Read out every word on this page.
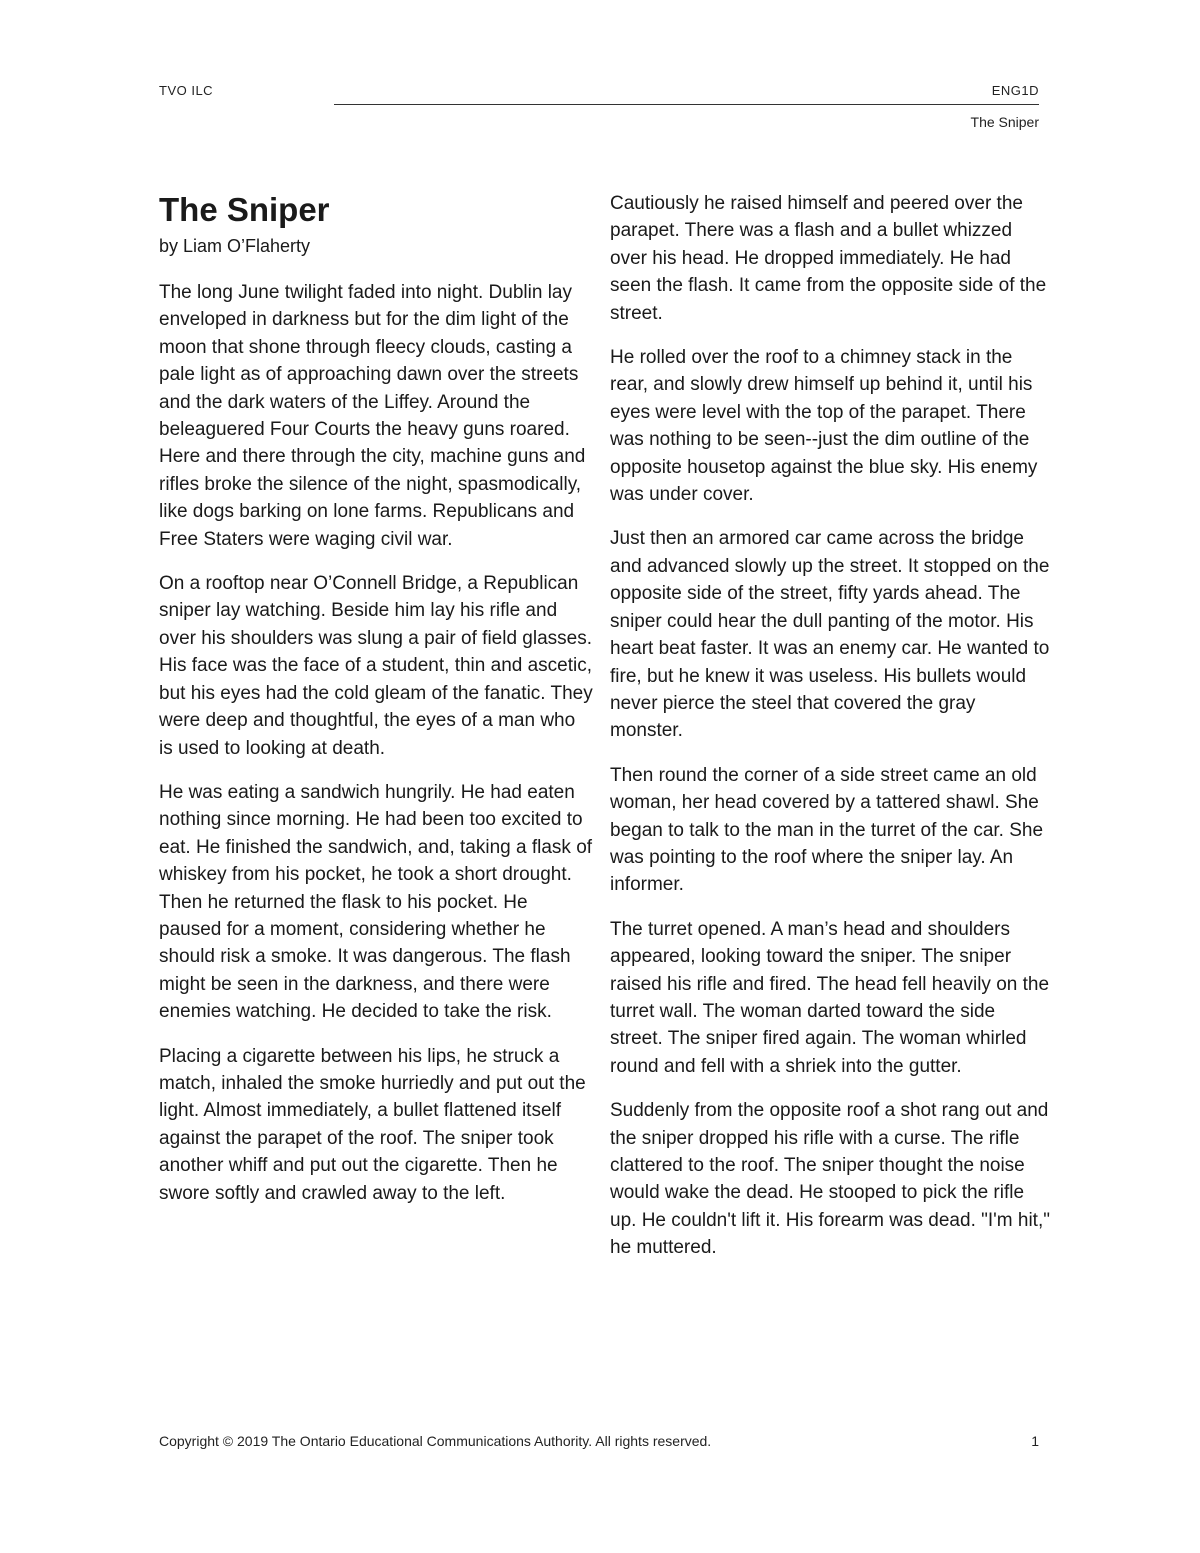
TVO ILC	ENG1D
The Sniper
The Sniper
by Liam O’Flaherty

The long June twilight faded into night. Dublin lay enveloped in darkness but for the dim light of the moon that shone through fleecy clouds, casting a pale light as of approaching dawn over the streets and the dark waters of the Liffey. Around the beleaguered Four Courts the heavy guns roared. Here and there through the city, machine guns and rifles broke the silence of the night, spasmodically, like dogs barking on lone farms. Republicans and Free Staters were waging civil war.

On a rooftop near O’Connell Bridge, a Republican sniper lay watching. Beside him lay his rifle and over his shoulders was slung a pair of field glasses. His face was the face of a student, thin and ascetic, but his eyes had the cold gleam of the fanatic. They were deep and thoughtful, the eyes of a man who is used to looking at death.

He was eating a sandwich hungrily. He had eaten nothing since morning. He had been too excited to eat. He finished the sandwich, and, taking a flask of whiskey from his pocket, he took a short drought. Then he returned the flask to his pocket. He paused for a moment, considering whether he should risk a smoke. It was dangerous. The flash might be seen in the darkness, and there were enemies watching. He decided to take the risk.

Placing a cigarette between his lips, he struck a match, inhaled the smoke hurriedly and put out the light. Almost immediately, a bullet flattened itself against the parapet of the roof. The sniper took another whiff and put out the cigarette. Then he swore softly and crawled away to the left.

Cautiously he raised himself and peered over the parapet. There was a flash and a bullet whizzed over his head. He dropped immediately. He had seen the flash. It came from the opposite side of the street.

He rolled over the roof to a chimney stack in the rear, and slowly drew himself up behind it, until his eyes were level with the top of the parapet. There was nothing to be seen--just the dim outline of the opposite housetop against the blue sky. His enemy was under cover.

Just then an armored car came across the bridge and advanced slowly up the street. It stopped on the opposite side of the street, fifty yards ahead. The sniper could hear the dull panting of the motor. His heart beat faster. It was an enemy car. He wanted to fire, but he knew it was useless. His bullets would never pierce the steel that covered the gray monster.

Then round the corner of a side street came an old woman, her head covered by a tattered shawl. She began to talk to the man in the turret of the car. She was pointing to the roof where the sniper lay. An informer.

The turret opened. A man’s head and shoulders appeared, looking toward the sniper. The sniper raised his rifle and fired. The head fell heavily on the turret wall. The woman darted toward the side street. The sniper fired again. The woman whirled round and fell with a shriek into the gutter.

Suddenly from the opposite roof a shot rang out and the sniper dropped his rifle with a curse. The rifle clattered to the roof. The sniper thought the noise would wake the dead. He stooped to pick the rifle up. He couldn't lift it. His forearm was dead. "I'm hit," he muttered.

Copyright © 2019 The Ontario Educational Communications Authority. All rights reserved.	1
